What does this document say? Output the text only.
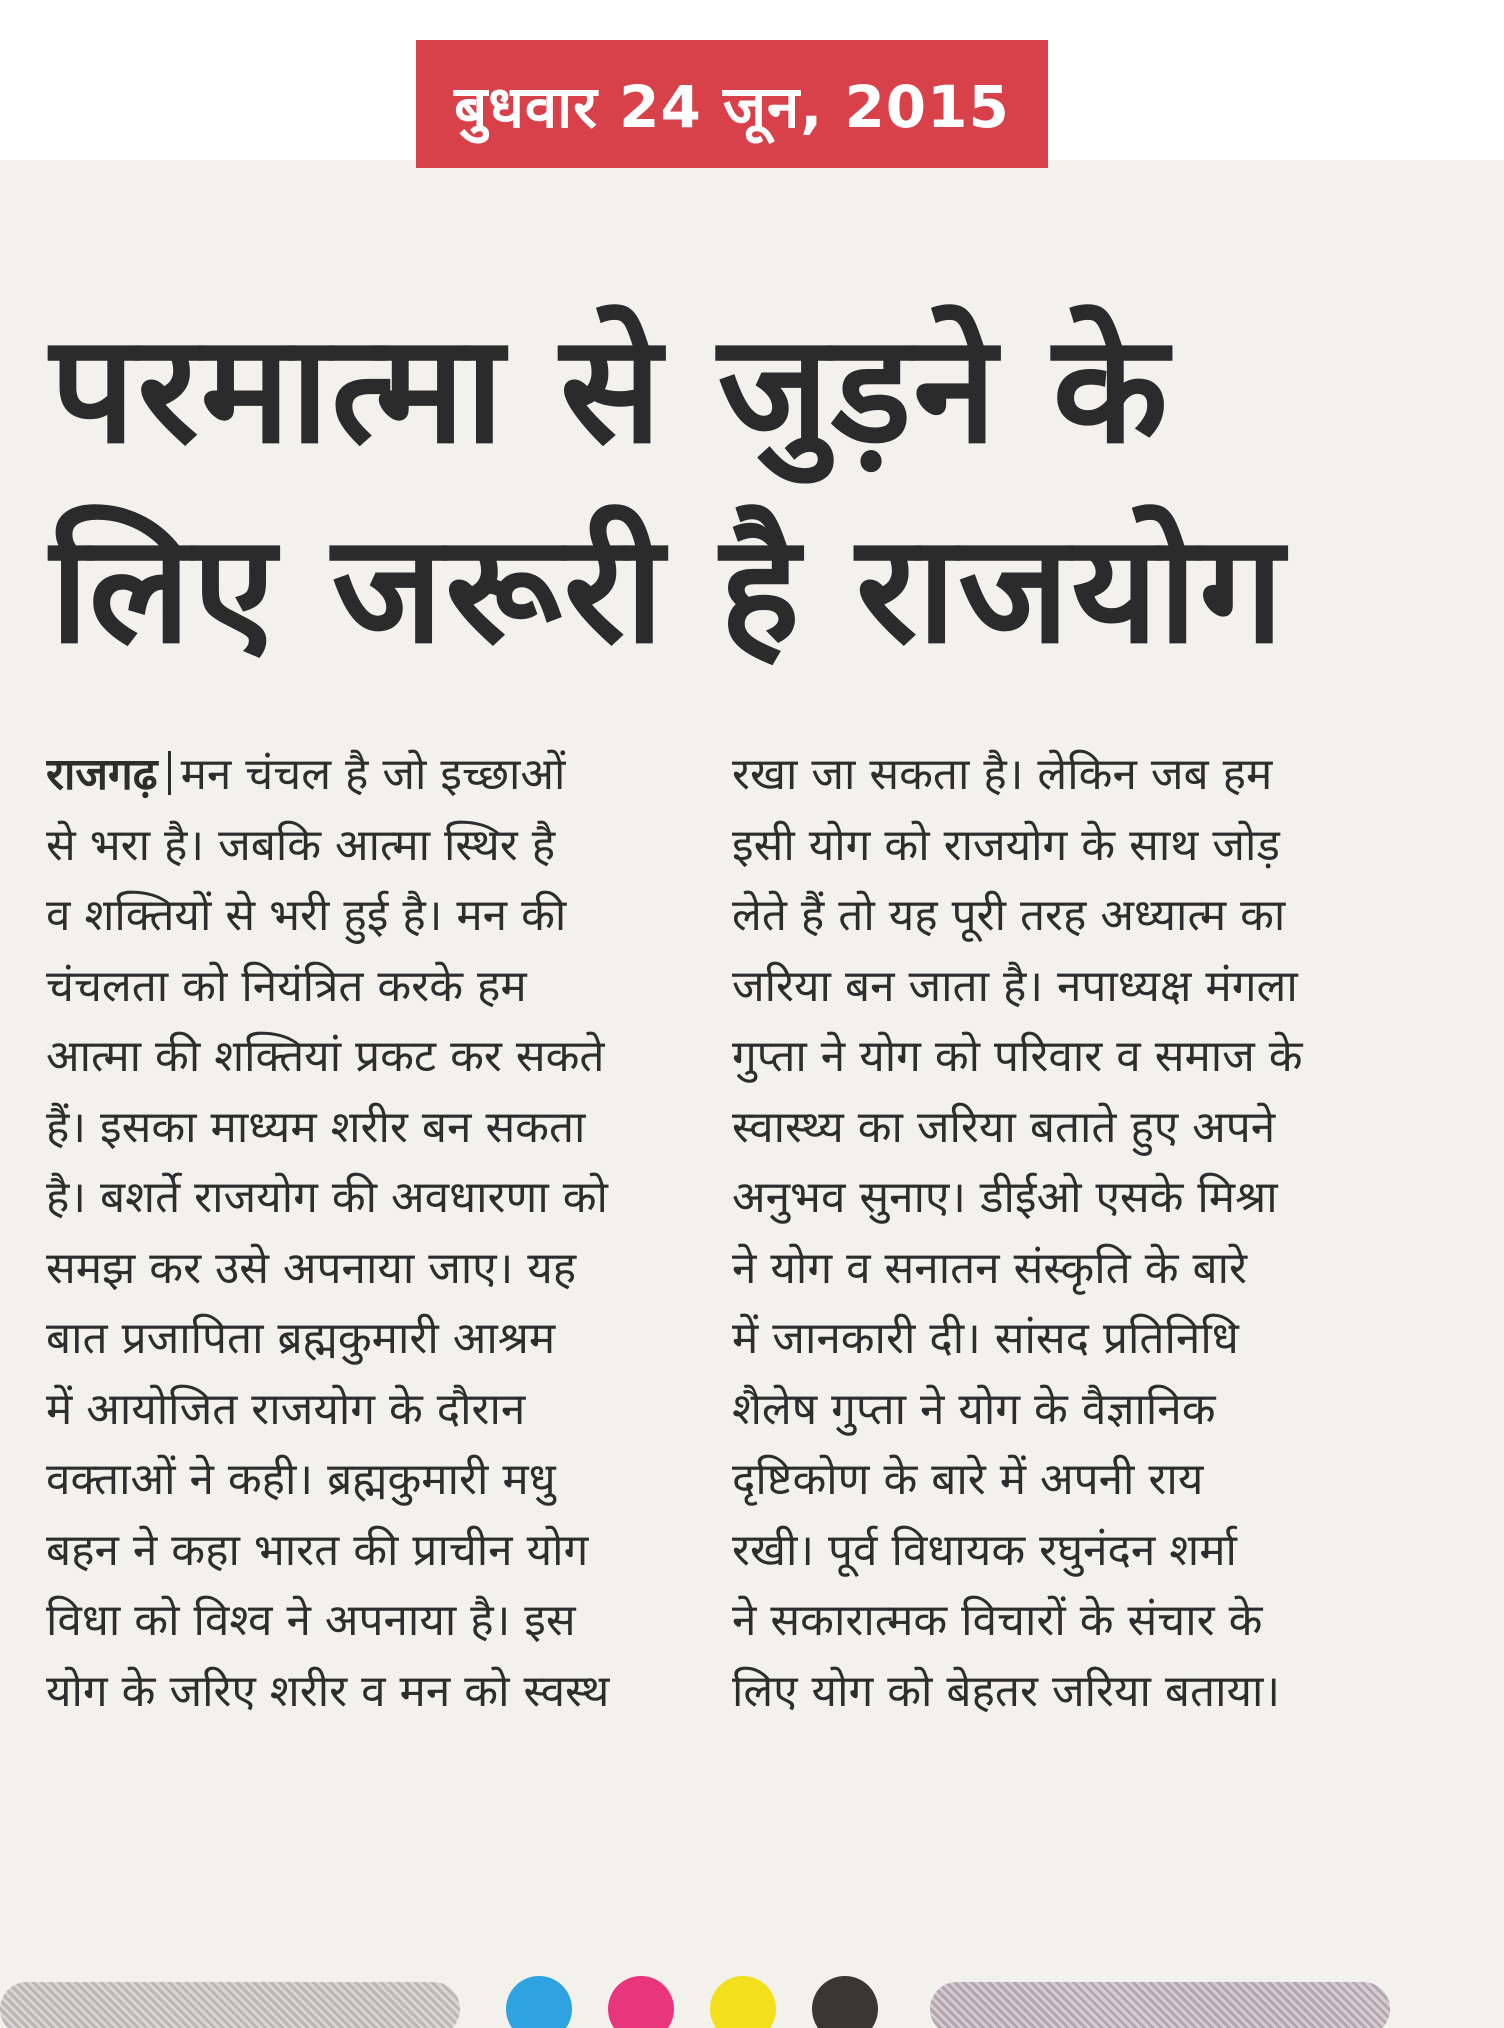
परमात्मा से जुड़ने के
लिए जरूरी है राजयोग
राजगढ़ मन चंचल है जो इच्छाओं
से भरा है। जबकि आत्मा स्थिर है
व शक्तियों से भरी हुई है। मन की
चंचलता को नियंत्रित करके हम
आत्मा की शक्तियां प्रकट कर सकते
हैं। इसका माध्यम शरीर बन सकता
है। बशर्ते राजयोग की अवधारणा को
समझ कर उसे अपनाया जाए। यह
बात प्रजापिता ब्रह्मकुमारी आश्रम
में आयोजित राजयोग के दौरान
वक्ताओं ने कही। ब्रह्मकुमारी मधु
बहन ने कहा भारत की प्राचीन योग
विधा को विश्व ने अपनाया है। इस
योग के जरिए शरीर व मन को स्वस्थ
रखा जा सकता है। लेकिन जब हम
इसी योग को राजयोग के साथ जोड़
लेते हैं तो यह पूरी तरह अध्यात्म का
जरिया बन जाता है। नपाध्यक्ष मंगला
गुप्ता ने योग को परिवार व समाज के
स्वास्थ्य का जरिया बताते हुए अपने
अनुभव सुनाए। डीईओ एसके मिश्रा
ने योग व सनातन संस्कृति के बारे
में जानकारी दी। सांसद प्रतिनिधि
शैलेष गुप्ता ने योग के वैज्ञानिक
दृष्टिकोण के बारे में अपनी राय
रखी। पूर्व विधायक रघुनंदन शर्मा
ने सकारात्मक विचारों के संचार के
लिए योग को बेहतर जरिया बताया।
बुधवार 24 जून, 2015
